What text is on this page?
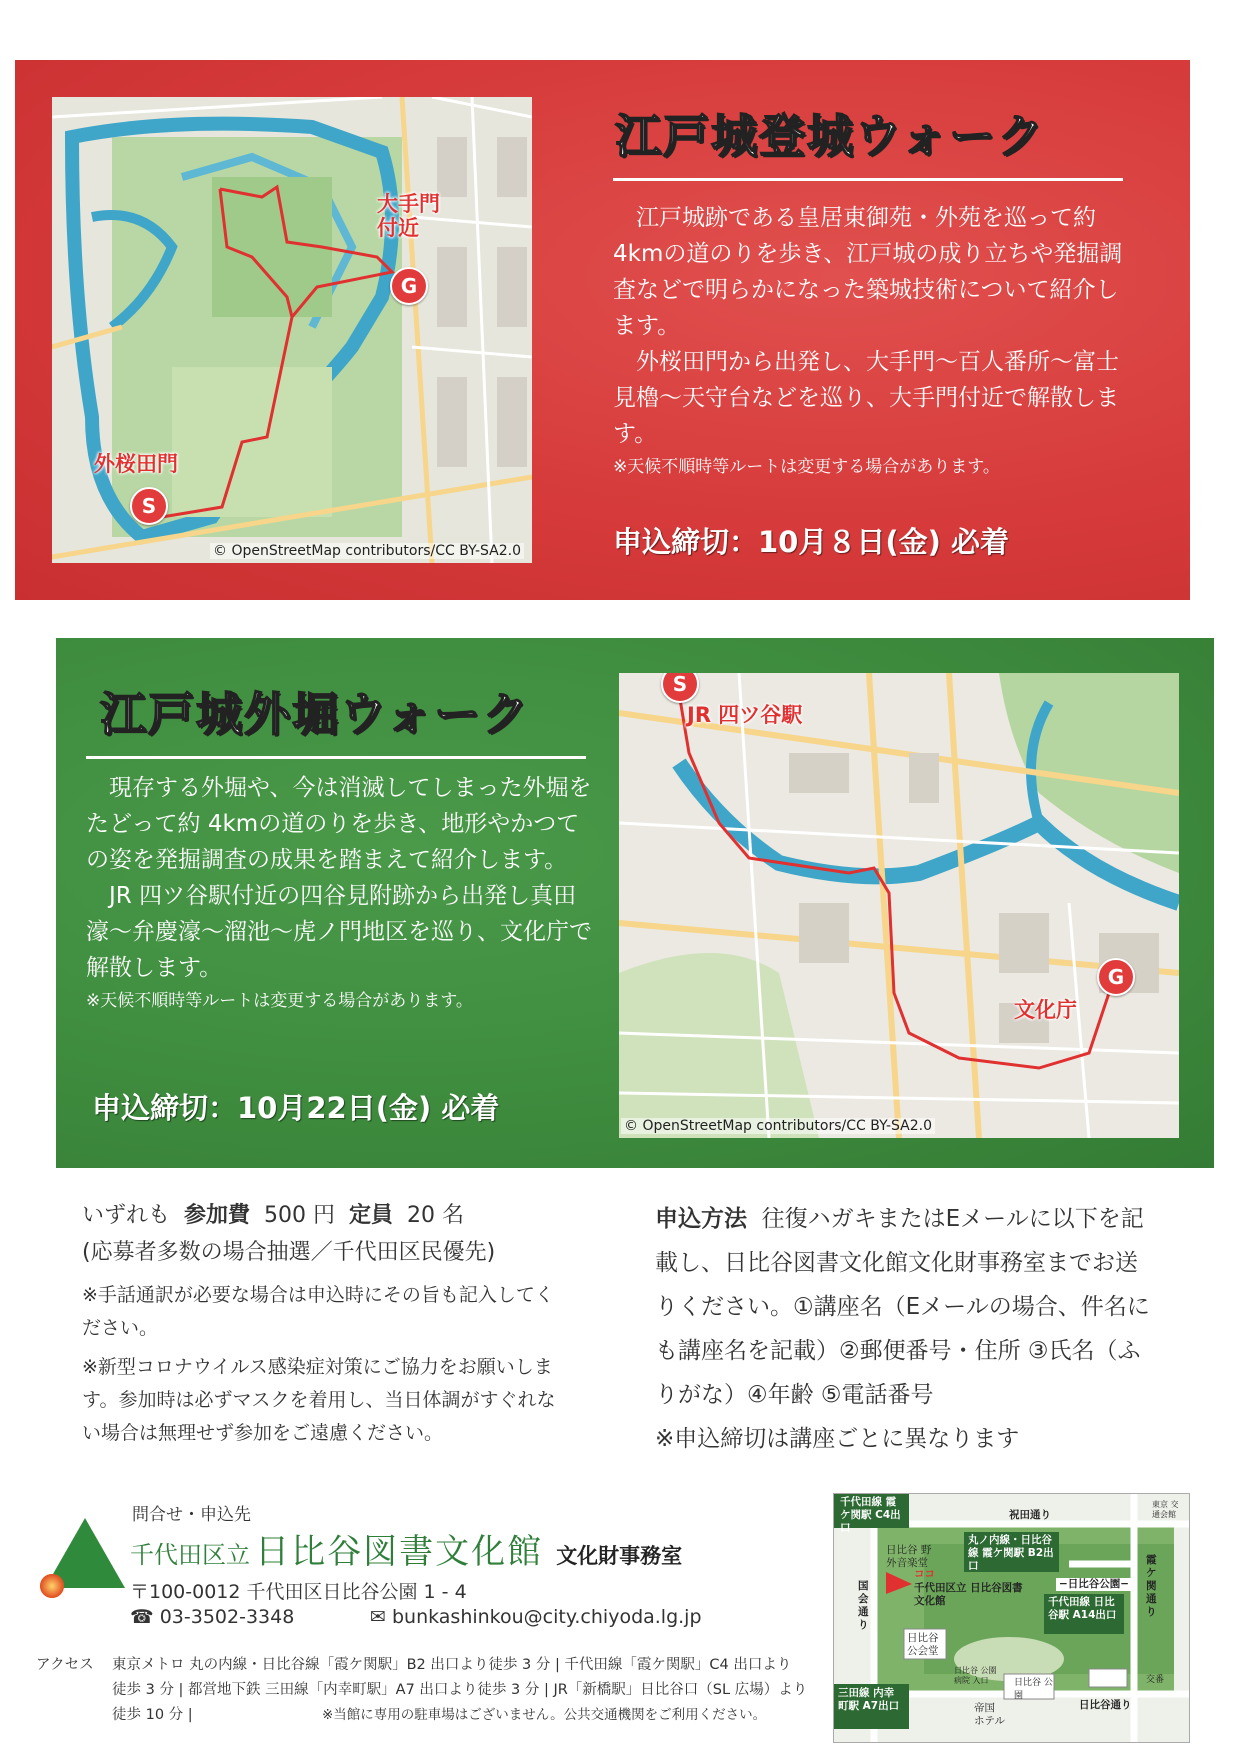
大手門付近
G
外桜田門
S
© OpenStreetMap contributors/CC BY-SA2.0
江戸城登城ウォーク

江戸城跡である皇居東御苑・外苑を巡って約 4kmの道のりを歩き、江戸城の成り立ちや発掘調査などで明らかになった築城技術について紹介します。

外桜田門から出発し、大手門〜百人番所〜富士見櫓〜天守台などを巡り、大手門付近で解散します。

※天候不順時等ルートは変更する場合があります。

申込締切：10月８日(金) 必着
江戸城外堀ウォーク

現存する外堀や、今は消滅してしまった外堀をたどって約 4kmの道のりを歩き、地形やかつての姿を発掘調査の成果を踏まえて紹介します。

JR 四ツ谷駅付近の四谷見附跡から出発し真田濠〜弁慶濠〜溜池〜虎ノ門地区を巡り、文化庁で解散します。

※天候不順時等ルートは変更する場合があります。

申込締切：10月22日(金) 必着
S
JR 四ツ谷駅
G
文化庁
© OpenStreetMap contributors/CC BY-SA2.0

いずれも 参加費 500 円 定員 20 名

(応募者多数の場合抽選／千代田区民優先)

※手話通訳が必要な場合は申込時にその旨も記入してください。

※新型コロナウイルス感染症対策にご協力をお願いします。参加時は必ずマスクを着用し、当日体調がすぐれない場合は無理せず参加をご遠慮ください。

申込方法 往復ハガキまたはEメールに以下を記載し、日比谷図書文化館文化財事務室までお送りください。①講座名（Eメールの場合、件名にも講座名を記載）②郵便番号・住所 ③氏名（ふりがな）④年齢 ⑤電話番号

※申込締切は講座ごとに異なります

問合せ・申込先
千代田区立 日比谷図書文化館 文化財事務室
〒100-0012 千代田区日比谷公園 1 - 4
☎ 03-3502-3348	✉ bunkashinkou@city.chiyoda.lg.jp
アクセス 東京メトロ 丸の内線・日比谷線「霞ケ関駅」B2 出口より徒歩 3 分 | 千代田線「霞ケ関駅」C4 出口より
徒歩 3 分 | 都営地下鉄 三田線「内幸町駅」A7 出口より徒歩 3 分 | JR「新橋駅」日比谷口（SL 広場）より
徒歩 10 分 |	※当館に専用の駐車場はございません。公共交通機関をご利用ください。
千代田線 霞ケ関駅 C4出口
祝田通り
日比谷 野外音楽堂
丸ノ内線・日比谷線 霞ケ関駅 B2出口
ココ
千代田区立 日比谷図書文化館
−日比谷公園−
国会通り
霞ケ関通り
千代田線 日比谷駅 A14出口
日比谷 公会堂
日比谷 公園病院 入口
三田線 内幸町駅 A7出口	帝国 ホテル
日比谷通り
交番
日比谷 公園
東京 交通会館
